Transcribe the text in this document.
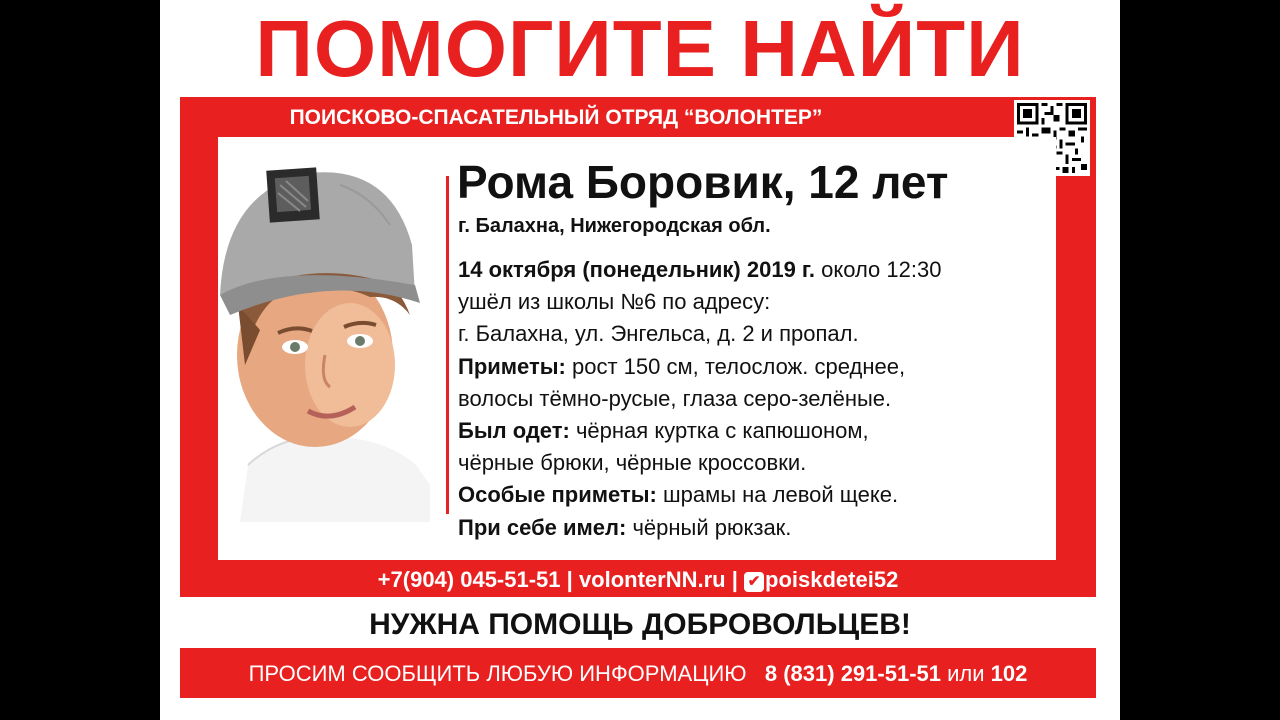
ПОМОГИТЕ НАЙТИ
ПОИСКОВО-СПАСАТЕЛЬНЫЙ ОТРЯД “ВОЛОНТЕР”
Рома Боровик, 12 лет
г. Балахна, Нижегородская обл.
14 октября (понедельник) 2019 г. около 12:30
ушёл из школы №6 по адресу:
г. Балахна, ул. Энгельса, д. 2 и пропал.
Приметы: рост 150 см, телослож. среднее,
волосы тёмно-русые, глаза серо-зелёные.
Был одет: чёрная куртка с капюшоном,
чёрные брюки, чёрные кроссовки.
Особые приметы: шрамы на левой щеке.
При себе имел: чёрный рюкзак.
+7(904) 045-51-51 | volonterNN.ru | ✔ poiskdetei52
НУЖНА ПОМОЩЬ ДОБРОВОЛЬЦЕВ!
ПРОСИМ СООБЩИТЬ ЛЮБУЮ ИНФОРМАЦИЮ 8 (831) 291-51-51 или 102
